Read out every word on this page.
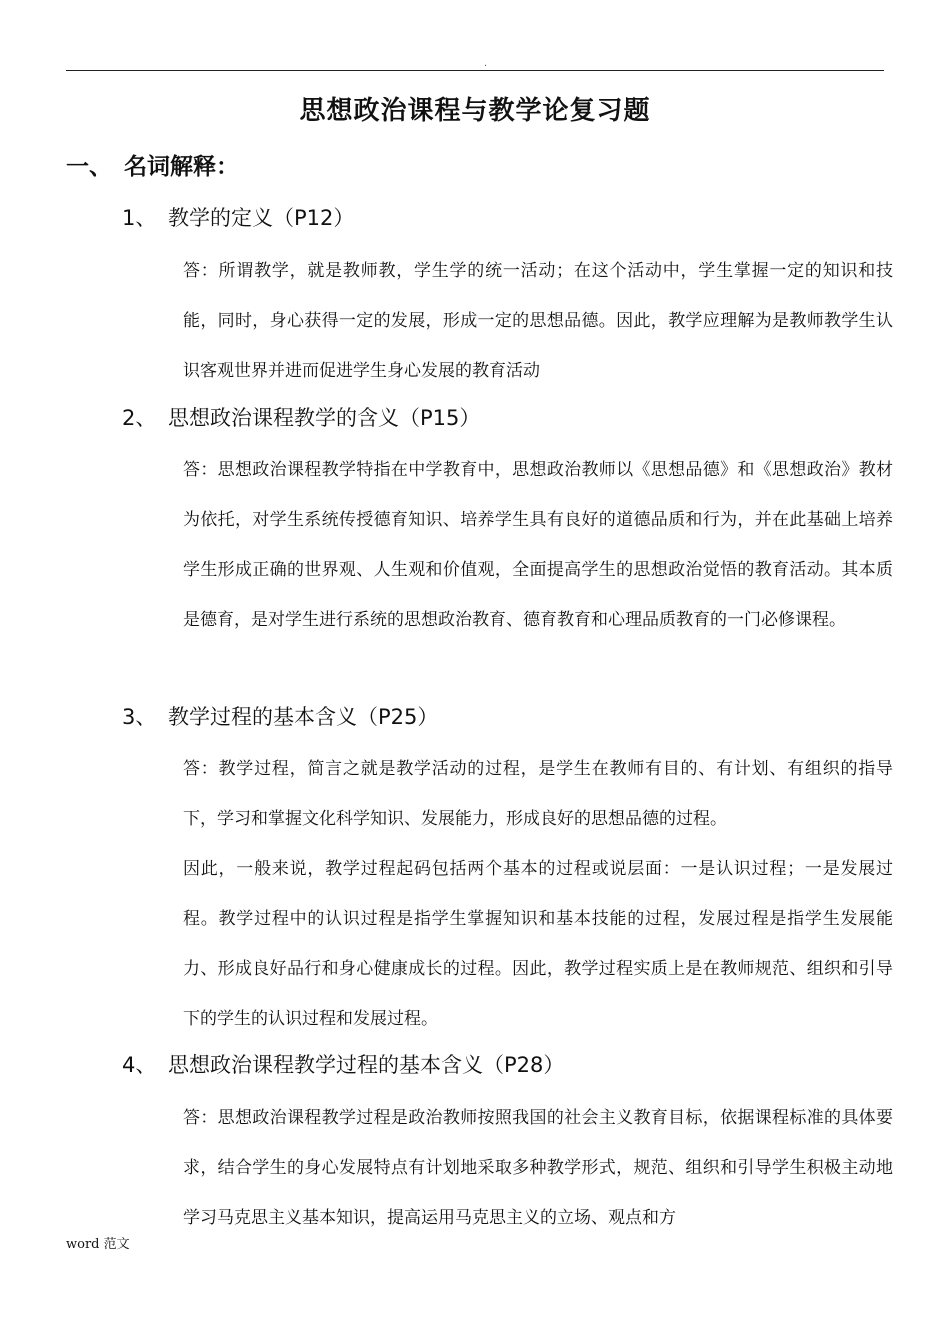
.
思想政治课程与教学论复习题
一、 名词解释：
1、 教学的定义（P12）

答：所谓教学，就是教师教，学生学的统一活动；在这个活动中，学生掌握一定的知识和技能，同时，身心获得一定的发展，形成一定的思想品德。因此，教学应理解为是教师教学生认识客观世界并进而促进学生身心发展的教育活动

2、 思想政治课程教学的含义（P15）

答：思想政治课程教学特指在中学教育中，思想政治教师以《思想品德》和《思想政治》教材为依托，对学生系统传授德育知识、培养学生具有良好的道德品质和行为，并在此基础上培养学生形成正确的世界观、人生观和价值观，全面提高学生的思想政治觉悟的教育活动。其本质是德育，是对学生进行系统的思想政治教育、德育教育和心理品质教育的一门必修课程。

3、 教学过程的基本含义（P25）

答：教学过程，简言之就是教学活动的过程，是学生在教师有目的、有计划、有组织的指导下，学习和掌握文化科学知识、发展能力，形成良好的思想品德的过程。

因此，一般来说，教学过程起码包括两个基本的过程或说层面：一是认识过程；一是发展过程。教学过程中的认识过程是指学生掌握知识和基本技能的过程，发展过程是指学生发展能力、形成良好品行和身心健康成长的过程。因此，教学过程实质上是在教师规范、组织和引导下的学生的认识过程和发展过程。

4、 思想政治课程教学过程的基本含义（P28）

答：思想政治课程教学过程是政治教师按照我国的社会主义教育目标，依据课程标准的具体要求，结合学生的身心发展特点有计划地采取多种教学形式，规范、组织和引导学生积极主动地学习马克思主义基本知识，提高运用马克思主义的立场、观点和方

word 范文
